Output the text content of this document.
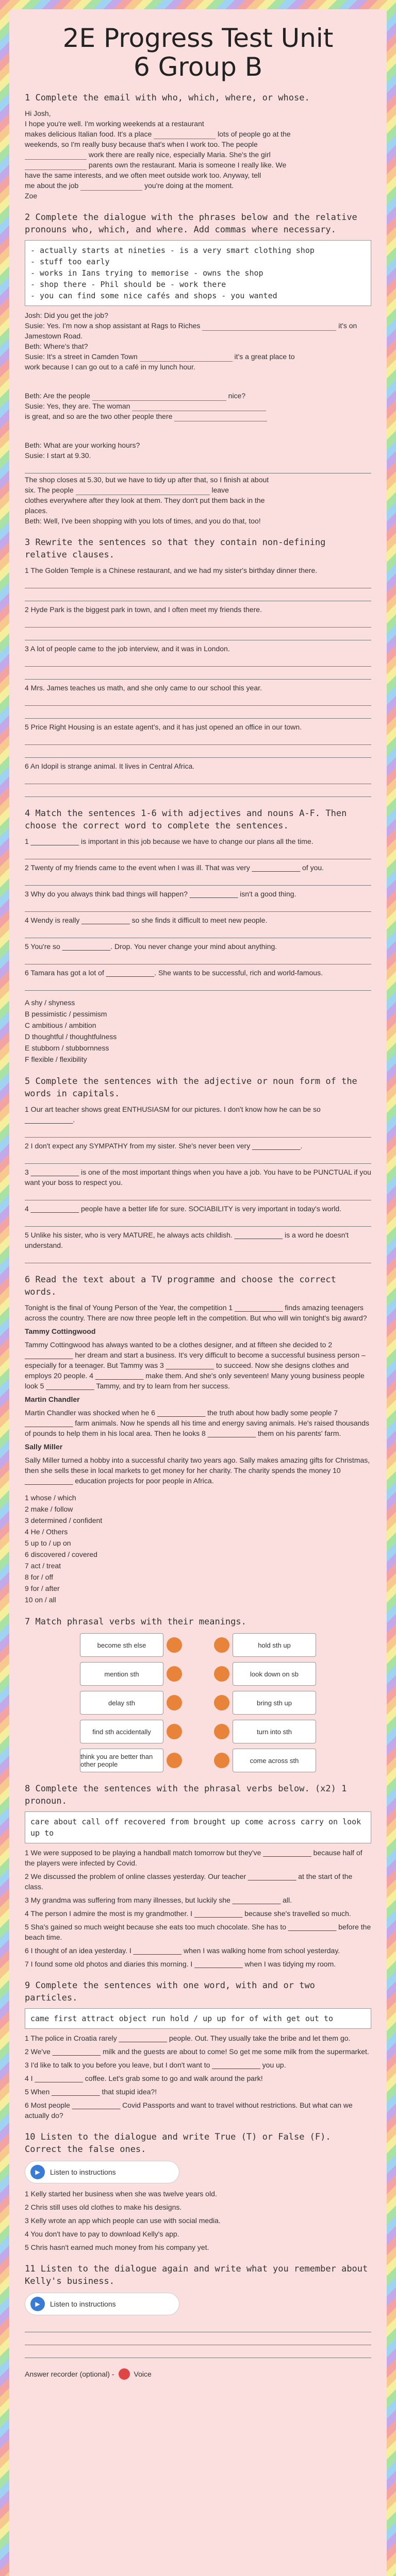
2E Progress Test Unit
6 Group B
1 Complete the email with who, which, where, or whose.

Hi Josh,

I hope you're well. I'm working weekends at a restaurant

makes delicious Italian food. It's a place	lots of people go at the

weekends, so I'm really busy because that's when I work too. The people

work there are really nice, especially Maria. She's the girl

parents own the restaurant. Maria is someone I really like. We

have the same interests, and we often meet outside work too. Anyway, tell

me about the job	you're doing at the moment.

Zoe

2 Complete the dialogue with the phrases below and the relative pronouns who, which, and where. Add commas where necessary.
- actually starts at nineties - is a very smart clothing shop
- stuff too early
- works in Ians trying to memorise - owns the shop
- shop there - Phil should be - work there
- you can find some nice cafés and shops - you wanted

Josh: Did you get the job?

Susie: Yes. I'm now a shop assistant at Rags to Riches	it's on

Jamestown Road.

Beth: Where's that?

Susie: It's a street in Camden Town	it's a great place to

work because I can go out to a café in my lunch hour.

Beth: Are the people	nice?

Susie: Yes, they are. The woman

is great, and so are the two other people there

Beth: What are your working hours?

Susie: I start at 9.30.

The shop closes at 5.30, but we have to tidy up after that, so I finish at about

six. The people	leave

clothes everywhere after they look at them. They don't put them back in the

places.

Beth: Well, I've been shopping with you lots of times, and you do that, too!

3 Rewrite the sentences so that they contain non-defining relative clauses.

1 The Golden Temple is a Chinese restaurant, and we had my sister's birthday dinner there.

2 Hyde Park is the biggest park in town, and I often meet my friends there.

3 A lot of people came to the job interview, and it was in London.

4 Mrs. James teaches us math, and she only came to our school this year.

5 Price Right Housing is an estate agent's, and it has just opened an office in our town.

6 An Idopil is strange animal. It lives in Central Africa.

4 Match the sentences 1-6 with adjectives and nouns A-F. Then choose the correct word to complete the sentences.

1 ____________ is important in this job because we have to change our plans all the time.

2 Twenty of my friends came to the event when I was ill. That was very ____________ of you.

3 Why do you always think bad things will happen? ____________ isn't a good thing.

4 Wendy is really ____________ so she finds it difficult to meet new people.

5 You're so ____________. Drop. You never change your mind about anything.

6 Tamara has got a lot of ____________. She wants to be successful, rich and world-famous.

A shy / shyness

B pessimistic / pessimism

C ambitious / ambition

D thoughtful / thoughtfulness

E stubborn / stubbornness

F flexible / flexibility

5 Complete the sentences with the adjective or noun form of the words in capitals.

1 Our art teacher shows great ENTHUSIASM for our pictures. I don't know how he can be so ____________.

2 I don't expect any SYMPATHY from my sister. She's never been very ____________.

3 ____________ is one of the most important things when you have a job. You have to be PUNCTUAL if you want your boss to respect you.

4 ____________ people have a better life for sure. SOCIABILITY is very important in today's world.

5 Unlike his sister, who is very MATURE, he always acts childish. ____________ is a word he doesn't understand.

6 Read the text about a TV programme and choose the correct words.

Tonight is the final of Young Person of the Year, the competition 1 ____________ finds amazing teenagers across the country. There are now three people left in the competition. But who will win tonight's big award?

Tammy Cottingwood

Tammy Cottingwood has always wanted to be a clothes designer, and at fifteen she decided to 2 ____________ her dream and start a business. It's very difficult to become a successful business person – especially for a teenager. But Tammy was 3 ____________ to succeed. Now she designs clothes and employs 20 people. 4 ____________ make them. And she's only seventeen! Many young business people look 5 ____________ Tammy, and try to learn from her success.

Martin Chandler

Martin Chandler was shocked when he 6 ____________ the truth about how badly some people 7 ____________ farm animals. Now he spends all his time and energy saving animals. He's raised thousands of pounds to help them in his local area. Then he looks 8 ____________ them on his parents' farm.

Sally Miller

Sally Miller turned a hobby into a successful charity two years ago. Sally makes amazing gifts for Christmas, then she sells these in local markets to get money for her charity. The charity spends the money 10 ____________ education projects for poor people in Africa.

1 whose / which

2 make / follow

3 determined / confident

4 He / Others

5 up to / up on

6 discovered / covered

7 act / treat

8 for / off

9 for / after

10 on / all

7 Match phrasal verbs with their meanings.
become sth else	hold sth up
mention sth	look down on sb
delay sth	bring sth up
find sth accidentally	turn into sth
think you are better than other people	come across sth
8 Complete the sentences with the phrasal verbs below. (x2) 1 pronoun.
care about call off recovered from brought up come across carry on look up to

1 We were supposed to be playing a handball match tomorrow but they've ____________ because half of the players were infected by Covid.

2 We discussed the problem of online classes yesterday. Our teacher ____________ at the start of the class.

3 My grandma was suffering from many illnesses, but luckily she ____________ all.

4 The person I admire the most is my grandmother. I ____________ because she's travelled so much.

5 Sha's gained so much weight because she eats too much chocolate. She has to ____________ before the beach time.

6 I thought of an idea yesterday. I ____________ when I was walking home from school yesterday.

7 I found some old photos and diaries this morning. I ____________ when I was tidying my room.

9 Complete the sentences with one word, with and or two particles.
came first attract object run hold / up up for of with get out to

1 The police in Croatia rarely ____________ people. Out. They usually take the bribe and let them go.

2 We've ____________ milk and the guests are about to come! So get me some milk from the supermarket.

3 I'd like to talk to you before you leave, but I don't want to ____________ you up.

4 I ____________ coffee. Let's grab some to go and walk around the park!

5 When ____________ that stupid idea?!

6 Most people ____________ Covid Passports and want to travel without restrictions. But what can we actually do?

10 Listen to the dialogue and write True (T) or False (F). Correct the false ones.
▶	Listen to instructions

1 Kelly started her business when she was twelve years old.

2 Chris still uses old clothes to make his designs.

3 Kelly wrote an app which people can use with social media.

4 You don't have to pay to download Kelly's app.

5 Chris hasn't earned much money from his company yet.

11 Listen to the dialogue again and write what you remember about Kelly's business.
▶	Listen to instructions
Answer recorder (optional) -	Voice
